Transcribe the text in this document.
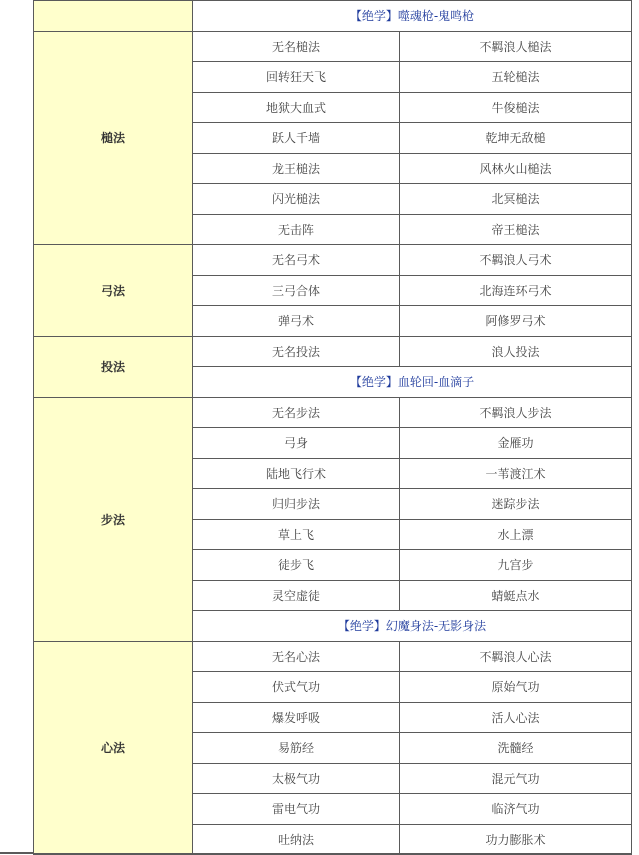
	【绝学】噬魂枪-鬼鸣枪	
槌法	无名槌法	不羁浪人槌法
	回转狂天飞	五轮槌法
	地狱大血式	牛俊槌法
	跃人千墙	乾坤无敌槌
	龙王槌法	风林火山槌法
	闪光槌法	北冥槌法
	无击阵	帝王槌法
弓法	无名弓术	不羁浪人弓术
	三弓合体	北海连环弓术
	弹弓术	阿修罗弓术
投法	无名投法	浪人投法
	【绝学】血轮回-血滴子	
步法	无名步法	不羁浪人步法
	弓身	金雁功
	陆地飞行术	一苇渡江术
	归归步法	迷踪步法
	草上飞	水上漂
	徒步飞	九宫步
	灵空虚徒	蜻蜓点水
	【绝学】幻魔身法-无影身法	
心法	无名心法	不羁浪人心法
	伏式气功	原始气功
	爆发呼吸	活人心法
	易筋经	洗髓经
	太极气功	混元气功
	雷电气功	临济气功
	吐纳法	功力膨胀术
